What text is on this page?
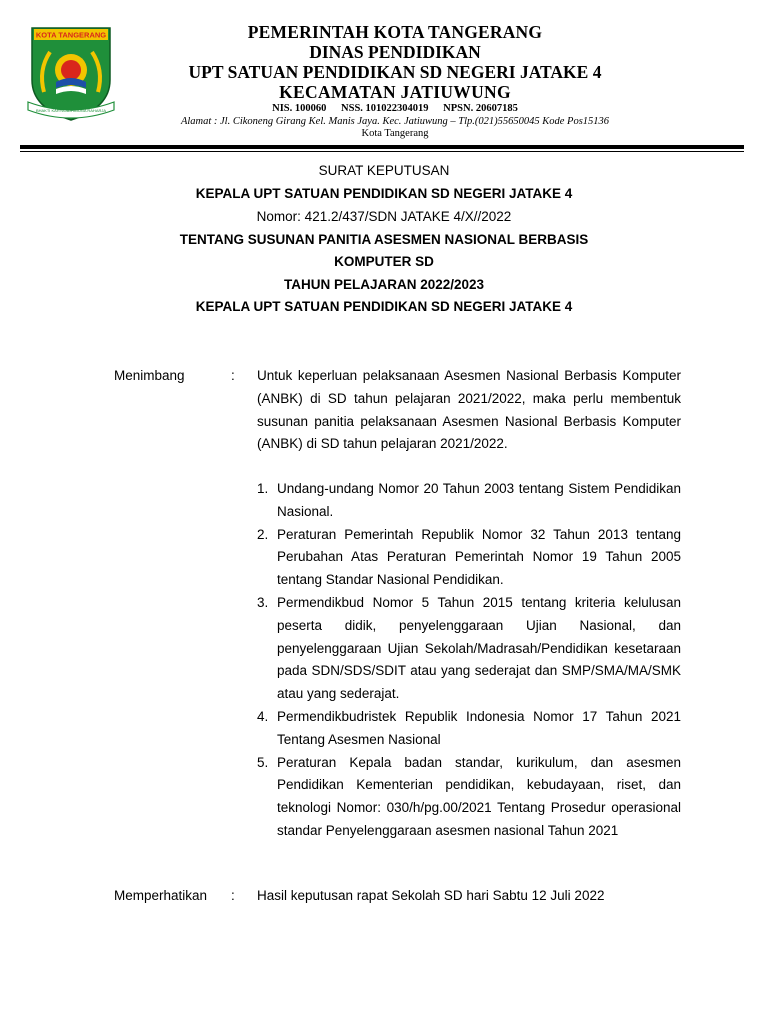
KOTA TANGERANG
BHAKTI KARYA ADHIGUNA RAHARJA
PEMERINTAH KOTA TANGERANG
DINAS PENDIDIKAN
UPT SATUAN PENDIDIKAN SD NEGERI JATAKE 4
KECAMATAN JATIUWUNG
NIS. 100060 NSS. 101022304019 NPSN. 20607185
Alamat : Jl. Cikoneng Girang Kel. Manis Jaya. Kec. Jatiuwung – Tlp.(021)55650045 Kode Pos15136
Kota Tangerang
SURAT KEPUTUSAN
KEPALA UPT SATUAN PENDIDIKAN SD NEGERI JATAKE 4
Nomor: 421.2/437/SDN JATAKE 4/X//2022
TENTANG SUSUNAN PANITIA ASESMEN NASIONAL BERBASIS
KOMPUTER SD
TAHUN PELAJARAN 2022/2023
KEPALA UPT SATUAN PENDIDIKAN SD NEGERI JATAKE 4
Menimbang	: Untuk keperluan pelaksanaan Asesmen Nasional Berbasis Komputer (ANBK) di SD tahun pelajaran 2021/2022, maka perlu membentuk susunan panitia pelaksanaan Asesmen Nasional Berbasis Komputer (ANBK) di SD tahun pelajaran 2021/2022.
1. Undang-undang Nomor 20 Tahun 2003 tentang Sistem Pendidikan Nasional.
2. Peraturan Pemerintah Republik Nomor 32 Tahun 2013 tentang Perubahan Atas Peraturan Pemerintah Nomor 19 Tahun 2005 tentang Standar Nasional Pendidikan.
3. Permendikbud Nomor 5 Tahun 2015 tentang kriteria kelulusan peserta didik, penyelenggaraan Ujian Nasional, dan penyelenggaraan Ujian Sekolah/Madrasah/Pendidikan kesetaraan pada SDN/SDS/SDIT atau yang sederajat dan SMP/SMA/MA/SMK atau yang sederajat.
4. Permendikbudristek Republik Indonesia Nomor 17 Tahun 2021 Tentang Asesmen Nasional
5. Peraturan Kepala badan standar, kurikulum, dan asesmen Pendidikan Kementerian pendidikan, kebudayaan, riset, dan teknologi Nomor: 030/h/pg.00/2021 Tentang Prosedur operasional standar Penyelenggaraan asesmen nasional Tahun 2021
Memperhatikan : Hasil keputusan rapat Sekolah SD hari Sabtu 12 Juli 2022
